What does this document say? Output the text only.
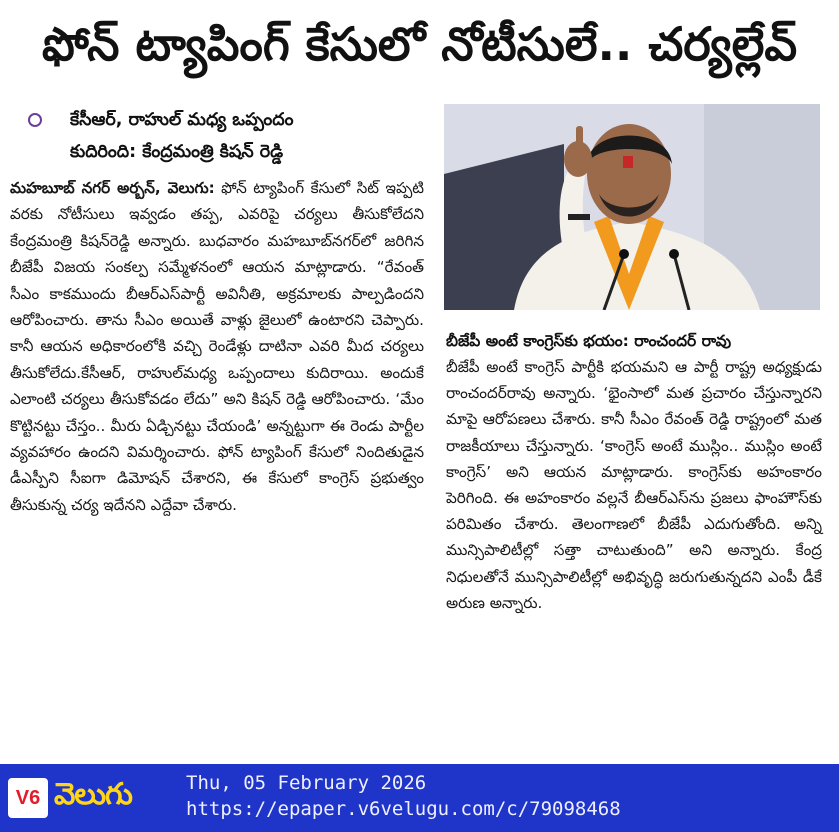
ఫోన్ ట్యాపింగ్ కేసులో నోటీసులే.. చర్యల్లేవ్
కేసీఆర్, రాహుల్ మధ్య ఒప్పందం
కుదిరింది: కేంద్రమంత్రి కిషన్ రెడ్డి

మహబూబ్ నగర్ అర్బన్, వెలుగు: ఫోన్ ట్యాపింగ్ కేసులో సిట్ ఇప్పటి వరకు నోటీసులు ఇవ్వడం తప్ప, ఎవరిపై చర్యలు తీసుకోలేదని కేంద్రమంత్రి కిషన్‌రెడ్డి అన్నారు. బుధవారం మహబూబ్‌నగర్‌లో జరిగిన బీజేపీ విజయ సంకల్ప సమ్మేళనంలో ఆయన మాట్లాడారు. “రేవంత్ సీఎం కాకముందు బీఆర్ఎస్‌పార్టీ అవినీతి, అక్రమాలకు పాల్పడిందని ఆరోపించారు. తాను సీఎం అయితే వాళ్లు జైలులో ఉంటారని చెప్పారు. కానీ ఆయన అధికారంలోకి వచ్చి రెండేళ్లు దాటినా ఎవరి మీద చర్యలు తీసుకోలేదు.కేసీఆర్, రాహుల్‌మధ్య ఒప్పందాలు కుదిరాయి. అందుకే ఎలాంటి చర్యలు తీసుకోవడం లేదు” అని కిషన్ రెడ్డి ఆరోపించారు. ‘మేం కొట్టినట్టు చేస్తం.. మీరు ఏడ్చినట్టు చేయండి’ అన్నట్టుగా ఈ రెండు పార్టీల వ్యవహారం ఉందని విమర్శించారు. ఫోన్ ట్యాపింగ్ కేసులో నిందితుడైన డీఎస్పీని సీఐగా డిమోషన్ చేశారని, ఈ కేసులో కాంగ్రెస్ ప్రభుత్వం తీసుకున్న చర్య ఇదేనని ఎద్దేవా చేశారు.

బీజేపీ అంటే కాంగ్రెస్‌కు భయం: రాంచందర్ రావు

బీజేపీ అంటే కాంగ్రెస్ పార్టీకి భయమని ఆ పార్టీ రాష్ట్ర అధ్యక్షుడు రాంచందర్‌రావు అన్నారు. ‘భైంసాలో మత ప్రచారం చేస్తున్నారని మాపై ఆరోపణలు చేశారు. కానీ సీఎం రేవంత్ రెడ్డి రాష్ట్రంలో మత రాజకీయాలు చేస్తున్నారు. ‘కాంగ్రెస్ అంటే ముస్లిం.. ముస్లిం అంటే కాంగ్రెస్’ అని ఆయన మాట్లాడారు. కాంగ్రెస్‌కు అహంకారం పెరిగింది. ఈ అహంకారం వల్లనే బీఆర్ఎస్‌ను ప్రజలు ఫాంహౌస్‌కు పరిమితం చేశారు. తెలంగాణలో బీజేపీ ఎదుగుతోంది. అన్ని మున్సిపాలిటీల్లో సత్తా చాటుతుంది” అని అన్నారు. కేంద్ర నిధులతోనే మున్సిపాలిటీల్లో అభివృద్ధి జరుగుతున్నదని ఎంపీ డీకే అరుణ అన్నారు.

V6 వెలుగు	Thu, 05 February 2026
https://epaper.v6velugu.com/c/79098468
